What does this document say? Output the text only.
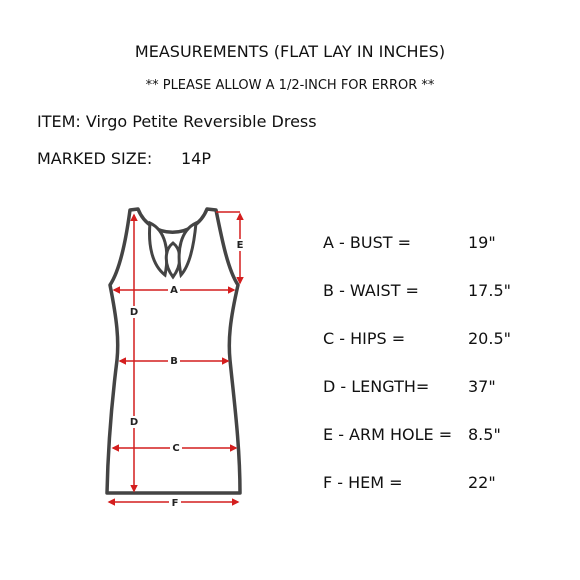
MEASUREMENTS (FLAT LAY IN INCHES)
** PLEASE ALLOW A 1/2-INCH FOR ERROR **
ITEM: Virgo Petite Reversible Dress
MARKED SIZE: 14P
A
B
C
D
D
E
F
A - BUST =	19"
B - WAIST =	17.5"
C - HIPS =	20.5"
D - LENGTH= 37"
E - ARM HOLE = 8.5"
F - HEM =	22"
